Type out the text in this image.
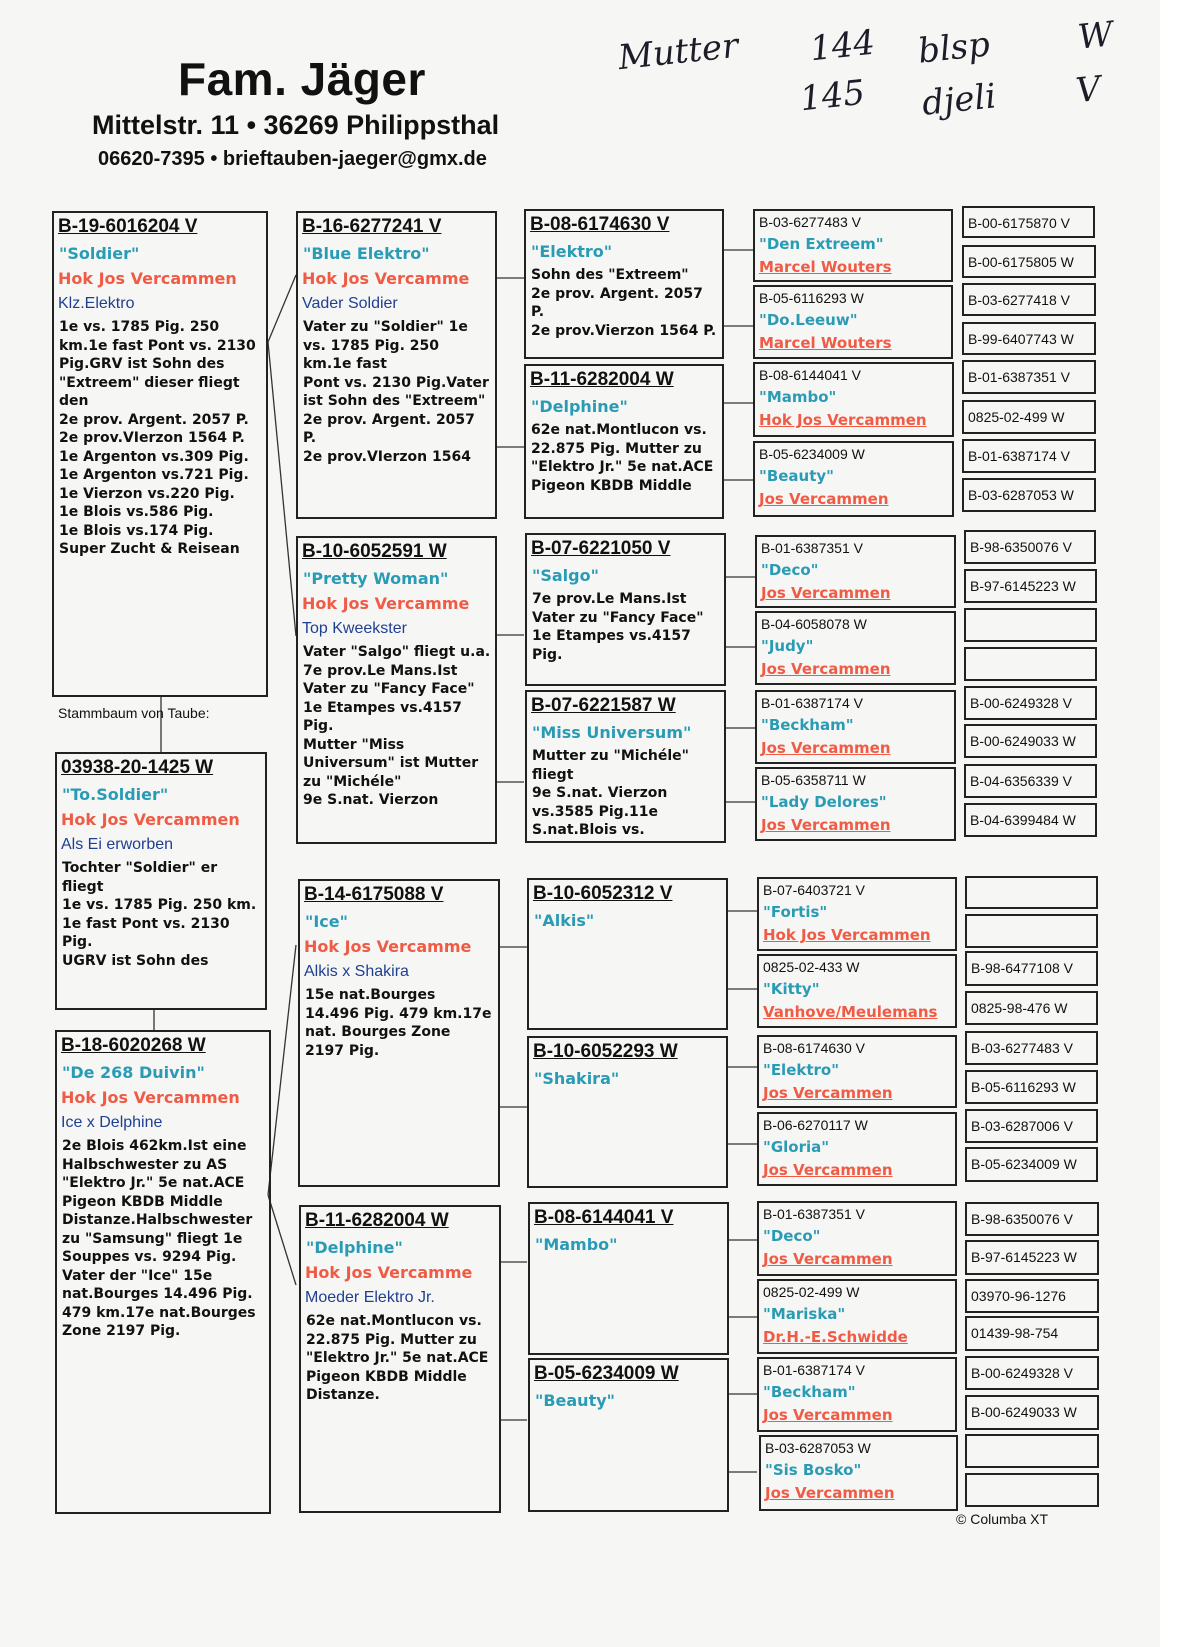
Fam. Jäger
Mittelstr. 11 • 36269 Philippsthal
06620-7395 • brieftauben-jaeger@gmx.de
Mutter 144 blsp W
145 djeli V
B-19-6016204 V
"Soldier"
Hok Jos Vercammen
Klz.Elektro
1e vs. 1785 Pig. 250 km.1e fast Pont vs. 2130 Pig.GRV ist Sohn des "Extreem" dieser fliegt den
2e prov. Argent. 2057 P.
2e prov.VIerzon 1564 P.
1e Argenton vs.309 Pig.
1e Argenton vs.721 Pig.
1e Vierzon vs.220 Pig.
1e Blois vs.586 Pig.
1e Blois vs.174 Pig.
Super Zucht & Reisean
Stammbaum von Taube:
03938-20-1425 W
"To.Soldier"
Hok Jos Vercammen
Als Ei erworben
Tochter "Soldier" er fliegt
1e vs. 1785 Pig. 250 km.
1e fast Pont vs. 2130 Pig.
UGRV ist Sohn des
B-18-6020268 W
"De 268 Duivin"
Hok Jos Vercammen
Ice x Delphine
2e Blois 462km.Ist eine Halbschwester zu AS "Elektro Jr." 5e nat.ACE Pigeon KBDB Middle Distanze.Halbschwester zu "Samsung" fliegt 1e Souppes vs. 9294 Pig. Vater der "Ice" 15e nat.Bourges 14.496 Pig. 479 km.17e nat.Bourges Zone 2197 Pig.
B-16-6277241 V
"Blue Elektro"
Hok Jos Vercamme
Vader Soldier
Vater zu "Soldier" 1e vs. 1785 Pig. 250 km.1e fast
Pont vs. 2130 Pig.Vater
ist Sohn des "Extreem"
2e prov. Argent. 2057 P.
2e prov.VIerzon 1564
B-10-6052591 W
"Pretty Woman"
Hok Jos Vercamme
Top Kweekster
Vater "Salgo" fliegt u.a.
7e prov.Le Mans.Ist Vater zu "Fancy Face"
1e Etampes vs.4157 Pig.
Mutter "Miss Universum" ist Mutter zu "Michéle"
9e S.nat. Vierzon
B-14-6175088 V
"Ice"
Hok Jos Vercamme
Alkis x Shakira
15e nat.Bourges 14.496 Pig. 479 km.17e nat. Bourges Zone 2197 Pig.
B-11-6282004 W
"Delphine"
Hok Jos Vercamme
Moeder Elektro Jr.
62e nat.Montlucon vs. 22.875 Pig. Mutter zu "Elektro Jr." 5e nat.ACE
Pigeon KBDB Middle Distanze.
B-08-6174630 V
"Elektro"
Sohn des "Extreem"
2e prov. Argent. 2057 P.
2e prov.Vierzon 1564 P.
B-11-6282004 W
"Delphine"
62e nat.Montlucon vs. 22.875 Pig. Mutter zu "Elektro Jr." 5e nat.ACE
Pigeon KBDB Middle
B-07-6221050 V
"Salgo"
7e prov.Le Mans.Ist Vater zu "Fancy Face"
1e Etampes vs.4157 Pig.
B-07-6221587 W
"Miss Universum"
Mutter zu "Michéle" fliegt
9e S.nat. Vierzon vs.3585 Pig.11e S.nat.Blois vs.
B-10-6052312 V
"Alkis"
B-10-6052293 W
"Shakira"
B-08-6144041 V
"Mambo"
B-05-6234009 W
"Beauty"
B-03-6277483 V
"Den Extreem"
Marcel Wouters
B-05-6116293 W
"Do.Leeuw"
Marcel Wouters
B-08-6144041 V
"Mambo"
Hok Jos Vercammen
B-05-6234009 W
"Beauty"
Jos Vercammen
B-01-6387351 V
"Deco"
Jos Vercammen
B-04-6058078 W
"Judy"
Jos Vercammen
B-01-6387174 V
"Beckham"
Jos Vercammen
B-05-6358711 W
"Lady Delores"
Jos Vercammen
B-07-6403721 V
"Fortis"
Hok Jos Vercammen
0825-02-433 W
"Kitty"
Vanhove/Meulemans
B-08-6174630 V
"Elektro"
Jos Vercammen
B-06-6270117 W
"Gloria"
Jos Vercammen
B-01-6387351 V
"Deco"
Jos Vercammen
0825-02-499 W
"Mariska"
Dr.H.-E.Schwidde
B-01-6387174 V
"Beckham"
Jos Vercammen
B-03-6287053 W
"Sis Bosko"
Jos Vercammen
B-00-6175870 V
B-00-6175805 W
B-03-6277418 V
B-99-6407743 W
B-01-6387351 V
0825-02-499 W
B-01-6387174 V
B-03-6287053 W
B-98-6350076 V
B-97-6145223 W
B-00-6249328 V
B-00-6249033 W
B-04-6356339 V
B-04-6399484 W
B-98-6477108 V
0825-98-476 W
B-03-6277483 V
B-05-6116293 W
B-03-6287006 V
B-05-6234009 W
B-98-6350076 V
B-97-6145223 W
03970-96-1276
01439-98-754
B-00-6249328 V
B-00-6249033 W
© Columba XT
